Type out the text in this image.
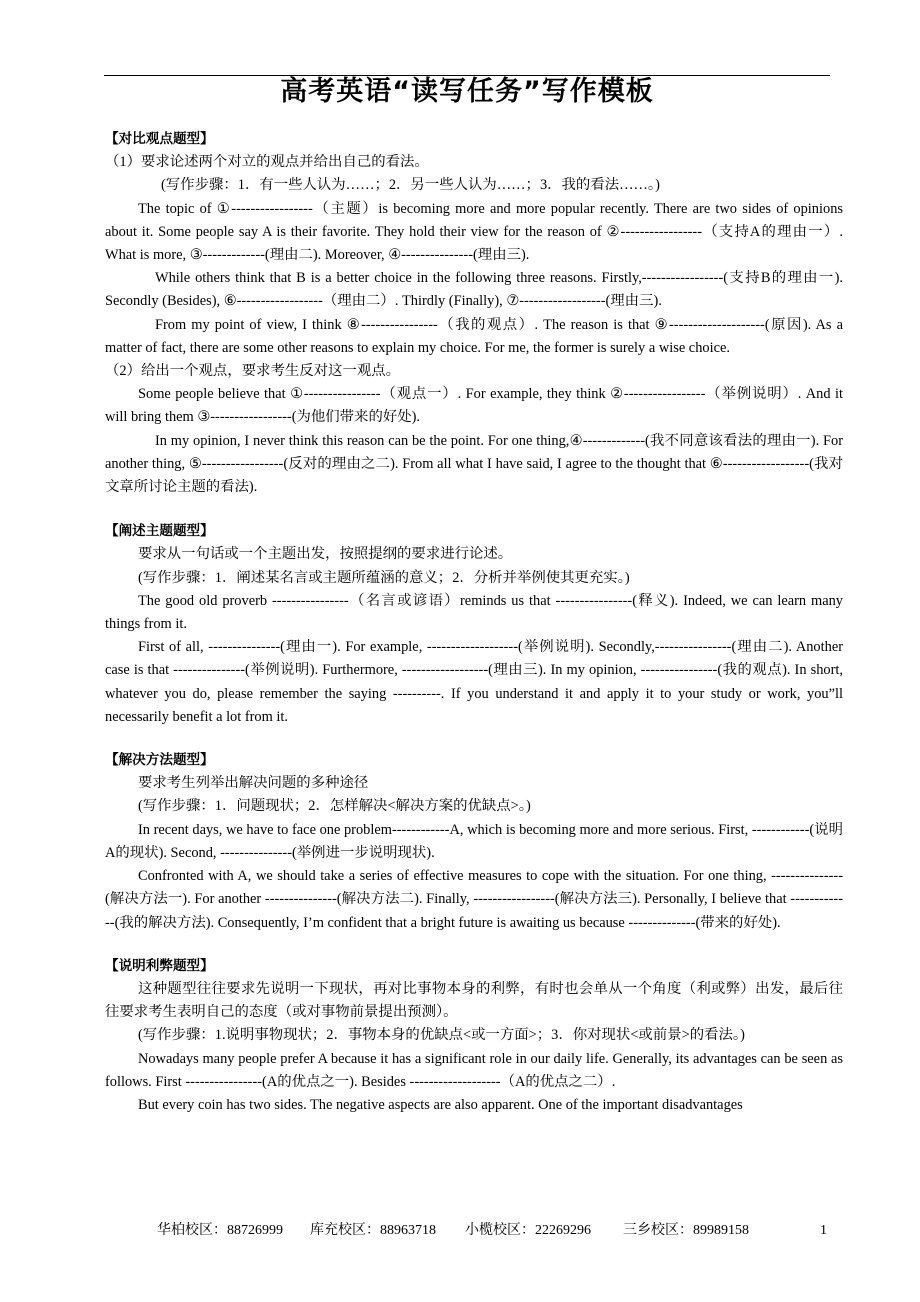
高考英语“读写任务”写作模板

【对比观点题型】

（1）要求论述两个对立的观点并给出自己的看法。

(写作步骤：1．有一些人认为……；2．另一些人认为……；3．我的看法……。)

The topic of ①-----------------（主题）is becoming more and more popular recently. There are two sides of opinions about it. Some people say A is their favorite. They hold their view for the reason of ②-----------------（支持A的理由一）. What is more, ③-------------(理由二). Moreover, ④---------------(理由三).

While others think that B is a better choice in the following three reasons. Firstly,-----------------(支持B的理由一). Secondly (Besides), ⑥------------------（理由二）. Thirdly (Finally), ⑦------------------(理由三).

From my point of view, I think ⑧----------------（我的观点）. The reason is that ⑨--------------------(原因). As a matter of fact, there are some other reasons to explain my choice. For me, the former is surely a wise choice.

（2）给出一个观点，要求考生反对这一观点。

Some people believe that ①----------------（观点一）. For example, they think ②-----------------（举例说明）. And it will bring them ③-----------------(为他们带来的好处).

In my opinion, I never think this reason can be the point. For one thing,④-------------(我不同意该看法的理由一). For another thing, ⑤-----------------(反对的理由之二). From all what I have said, I agree to the thought that ⑥------------------(我对文章所讨论主题的看法).

【阐述主题题型】

要求从一句话或一个主题出发，按照提纲的要求进行论述。

(写作步骤：1．阐述某名言或主题所蕴涵的意义；2．分析并举例使其更充实。)

The good old proverb ----------------（名言或谚语）reminds us that ----------------(释义). Indeed, we can learn many things from it.

First of all, ---------------(理由一). For example, -------------------(举例说明). Secondly,----------------(理由二). Another case is that ---------------(举例说明). Furthermore, ------------------(理由三). In my opinion, ----------------(我的观点). In short, whatever you do, please remember the saying ----------. If you understand it and apply it to your study or work, you”ll necessarily benefit a lot from it.

【解决方法题型】

要求考生列举出解决问题的多种途径

(写作步骤：1．问题现状；2．怎样解决<解决方案的优缺点>。)

In recent days, we have to face one problem------------A, which is becoming more and more serious. First, ------------(说明A的现状). Second, ---------------(举例进一步说明现状).

Confronted with A, we should take a series of effective measures to cope with the situation. For one thing, ---------------(解决方法一). For another ---------------(解决方法二). Finally, -----------------(解决方法三). Personally, I believe that -------------(我的解决方法). Consequently, I’m confident that a bright future is awaiting us because --------------(带来的好处).

【说明利弊题型】

这种题型往往要求先说明一下现状，再对比事物本身的利弊，有时也会单从一个角度（利或弊）出发，最后往往要求考生表明自己的态度（或对事物前景提出预测）。

(写作步骤：1.说明事物现状；2．事物本身的优缺点<或一方面>；3．你对现状<或前景>的看法。)

Nowadays many people prefer A because it has a significant role in our daily life. Generally, its advantages can be seen as follows. First ----------------(A的优点之一). Besides -------------------（A的优点之二）.

But every coin has two sides. The negative aspects are also apparent. One of the important disadvantages

华柏校区：88726999 库充校区：88963718 小榄校区：22269296 三乡校区：89989158	1
